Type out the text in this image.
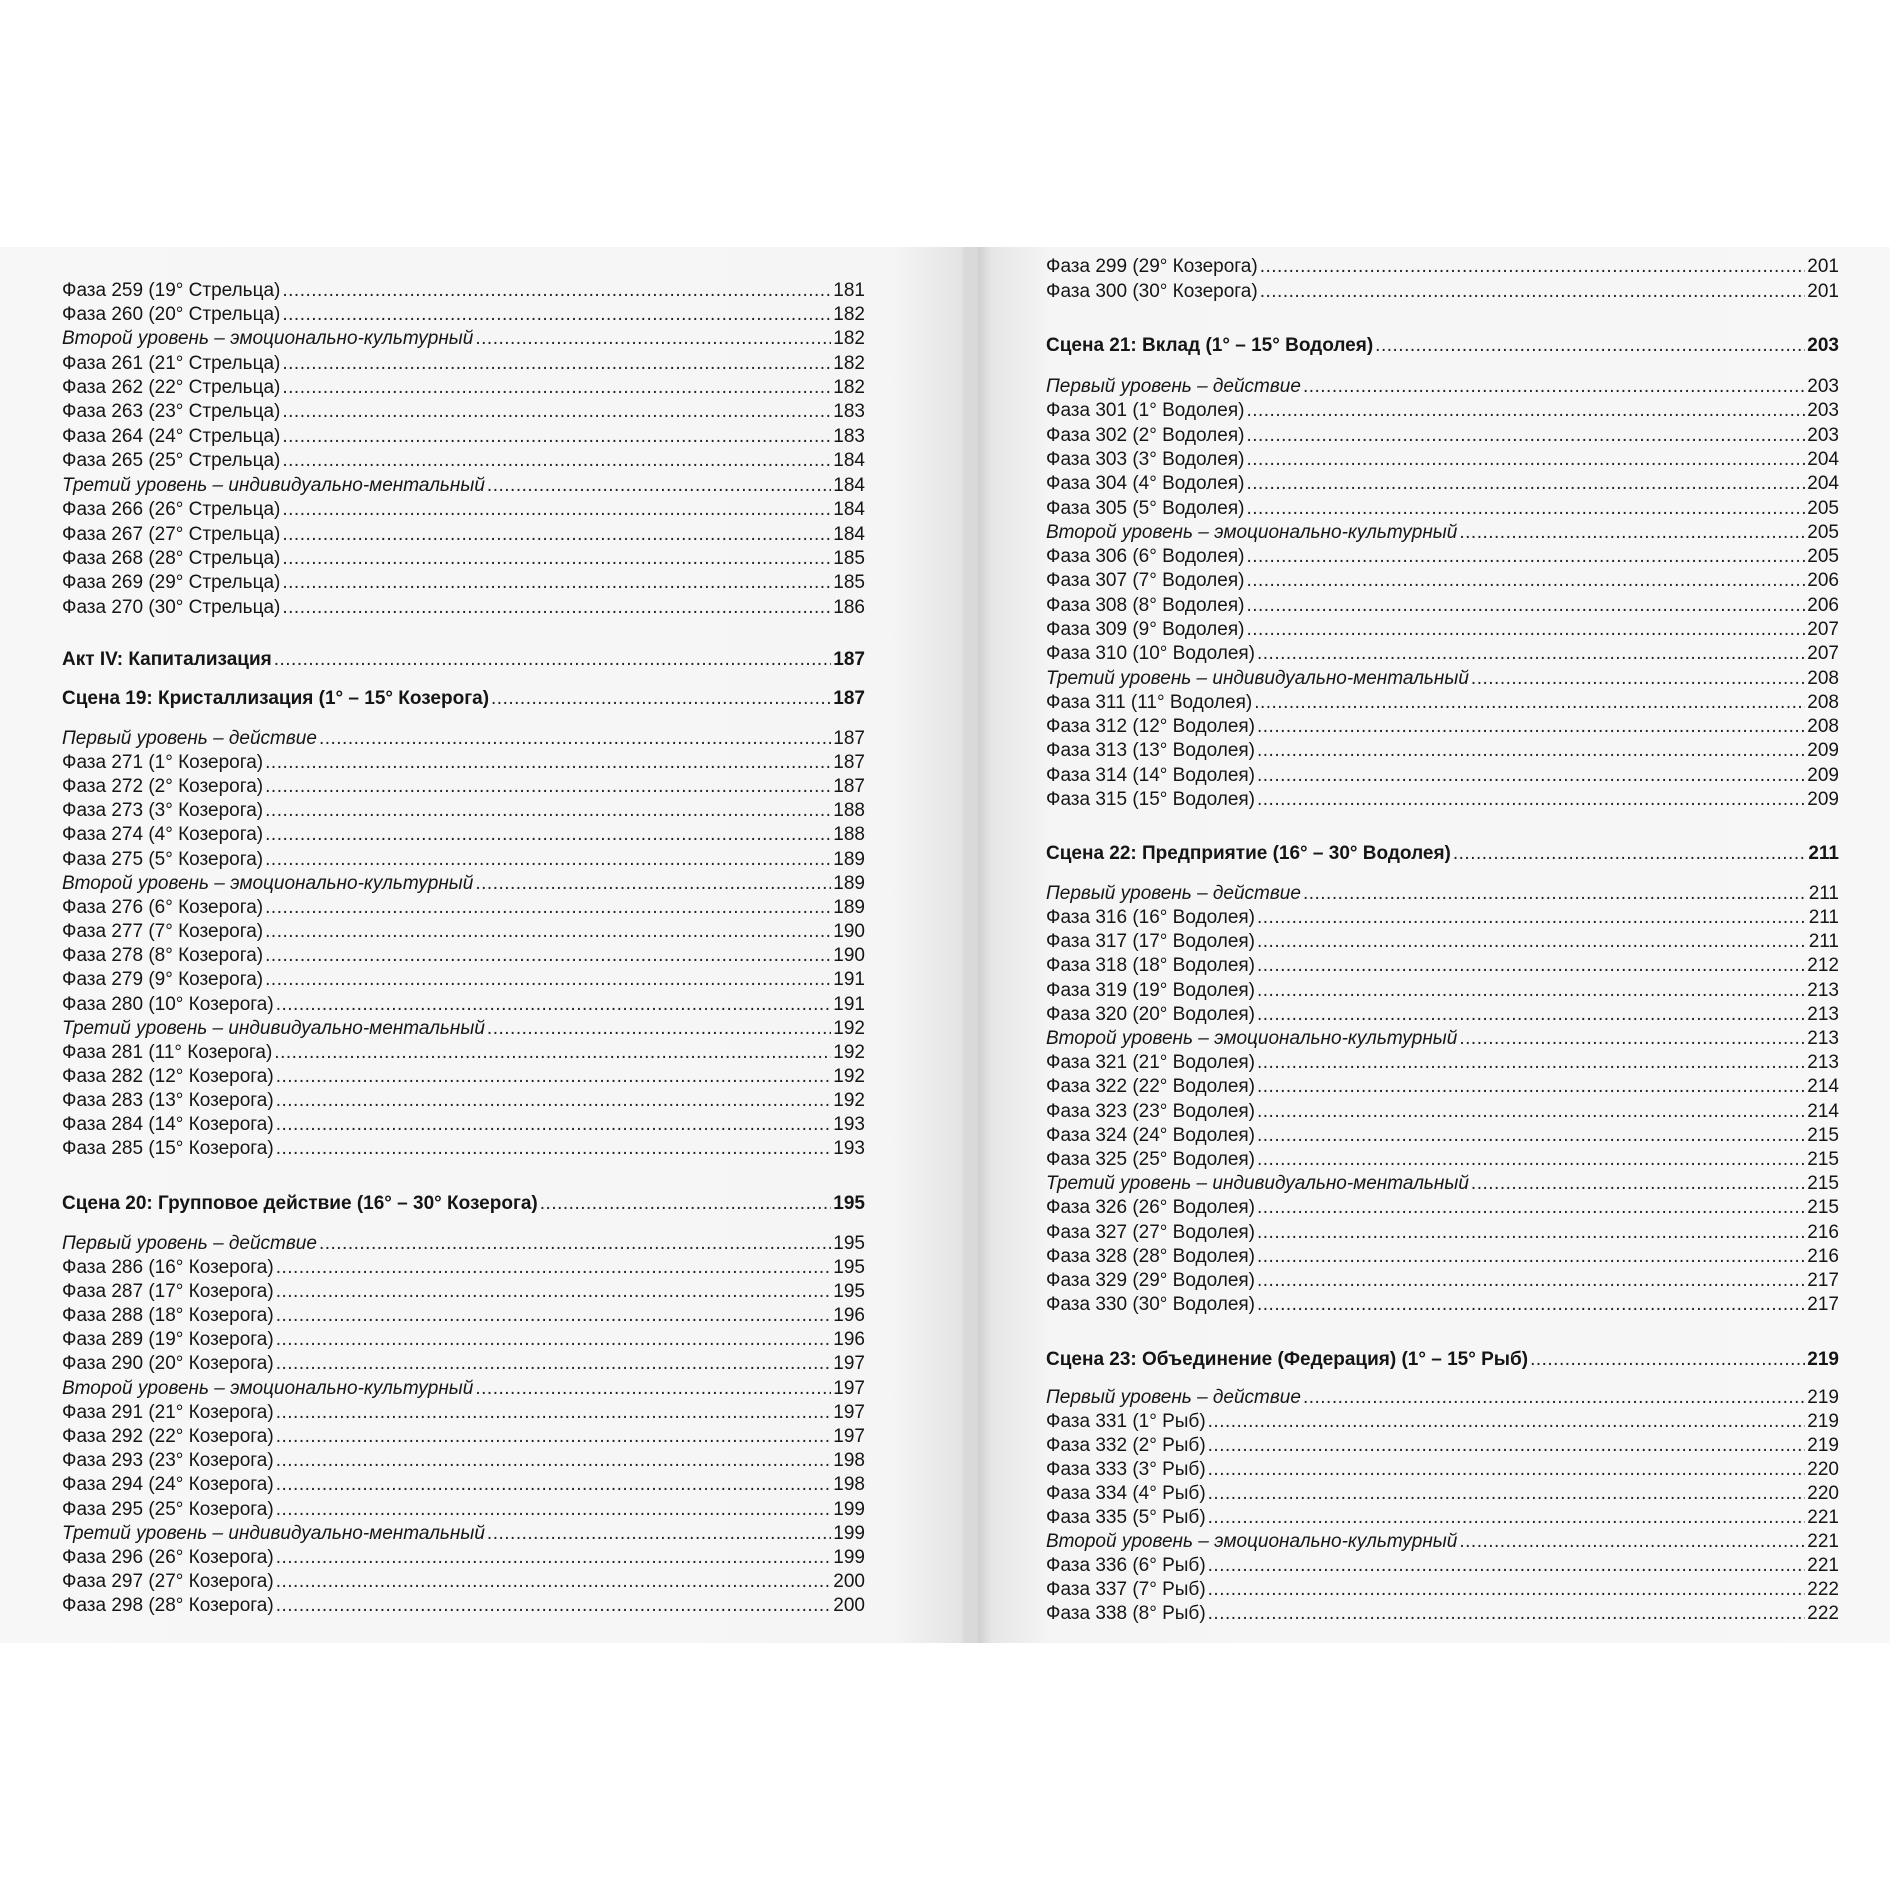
Фаза 259 (19° Стрельца) .....	181
Фаза 260 (20° Стрельца) .....	182
Второй уровень – эмоционально-культурный .....	182
Фаза 261 (21° Стрельца) .....	182
Фаза 262 (22° Стрельца) .....	182
Фаза 263 (23° Стрельца) .....	183
Фаза 264 (24° Стрельца) .....	183
Фаза 265 (25° Стрельца) .....	184
Третий уровень – индивидуально-ментальный .....	184
Фаза 266 (26° Стрельца) .....	184
Фаза 267 (27° Стрельца) .....	184
Фаза 268 (28° Стрельца) .....	185
Фаза 269 (29° Стрельца) .....	185
Фаза 270 (30° Стрельца) .....	186
Акт IV: Капитализация .....	187
Сцена 19: Кристаллизация (1° – 15° Козерога) .....	187
Первый уровень – действие .....	187
Фаза 271 (1° Козерога) .....	187
Фаза 272 (2° Козерога) .....	187
Фаза 273 (3° Козерога) .....	188
Фаза 274 (4° Козерога) .....	188
Фаза 275 (5° Козерога) .....	189
Второй уровень – эмоционально-культурный .....	189
Фаза 276 (6° Козерога) .....	189
Фаза 277 (7° Козерога) .....	190
Фаза 278 (8° Козерога) .....	190
Фаза 279 (9° Козерога) .....	191
Фаза 280 (10° Козерога) .....	191
Третий уровень – индивидуально-ментальный .....	192
Фаза 281 (11° Козерога) .....	192
Фаза 282 (12° Козерога) .....	192
Фаза 283 (13° Козерога) .....	192
Фаза 284 (14° Козерога) .....	193
Фаза 285 (15° Козерога) .....	193
Сцена 20: Групповое действие (16° – 30° Козерога) .....	195
Первый уровень – действие .....	195
Фаза 286 (16° Козерога) .....	195
Фаза 287 (17° Козерога) .....	195
Фаза 288 (18° Козерога) .....	196
Фаза 289 (19° Козерога) .....	196
Фаза 290 (20° Козерога) .....	197
Второй уровень – эмоционально-культурный .....	197
Фаза 291 (21° Козерога) .....	197
Фаза 292 (22° Козерога) .....	197
Фаза 293 (23° Козерога) .....	198
Фаза 294 (24° Козерога) .....	198
Фаза 295 (25° Козерога) .....	199
Третий уровень – индивидуально-ментальный .....	199
Фаза 296 (26° Козерога) .....	199
Фаза 297 (27° Козерога) .....	200
Фаза 298 (28° Козерога) .....	200
Фаза 299 (29° Козерога) .....	201
Фаза 300 (30° Козерога) .....	201
Сцена 21: Вклад (1° – 15° Водолея) .....	203
Первый уровень – действие .....	203
Фаза 301 (1° Водолея) .....	203
Фаза 302 (2° Водолея) .....	203
Фаза 303 (3° Водолея) .....	204
Фаза 304 (4° Водолея) .....	204
Фаза 305 (5° Водолея) .....	205
Второй уровень – эмоционально-культурный .....	205
Фаза 306 (6° Водолея) .....	205
Фаза 307 (7° Водолея) .....	206
Фаза 308 (8° Водолея) .....	206
Фаза 309 (9° Водолея) .....	207
Фаза 310 (10° Водолея) .....	207
Третий уровень – индивидуально-ментальный .....	208
Фаза 311 (11° Водолея) .....	208
Фаза 312 (12° Водолея) .....	208
Фаза 313 (13° Водолея) .....	209
Фаза 314 (14° Водолея) .....	209
Фаза 315 (15° Водолея) .....	209
Сцена 22: Предприятие (16° – 30° Водолея) .....	211
Первый уровень – действие .....	211
Фаза 316 (16° Водолея) .....	211
Фаза 317 (17° Водолея) .....	211
Фаза 318 (18° Водолея) .....	212
Фаза 319 (19° Водолея) .....	213
Фаза 320 (20° Водолея) .....	213
Второй уровень – эмоционально-культурный .....	213
Фаза 321 (21° Водолея) .....	213
Фаза 322 (22° Водолея) .....	214
Фаза 323 (23° Водолея) .....	214
Фаза 324 (24° Водолея) .....	215
Фаза 325 (25° Водолея) .....	215
Третий уровень – индивидуально-ментальный .....	215
Фаза 326 (26° Водолея) .....	215
Фаза 327 (27° Водолея) .....	216
Фаза 328 (28° Водолея) .....	216
Фаза 329 (29° Водолея) .....	217
Фаза 330 (30° Водолея) .....	217
Сцена 23: Объединение (Федерация) (1° – 15° Рыб) .....	219
Первый уровень – действие .....	219
Фаза 331 (1° Рыб) .....	219
Фаза 332 (2° Рыб) .....	219
Фаза 333 (3° Рыб) .....	220
Фаза 334 (4° Рыб) .....	220
Фаза 335 (5° Рыб) .....	221
Второй уровень – эмоционально-культурный .....	221
Фаза 336 (6° Рыб) .....	221
Фаза 337 (7° Рыб) .....	222
Фаза 338 (8° Рыб) .....	222
